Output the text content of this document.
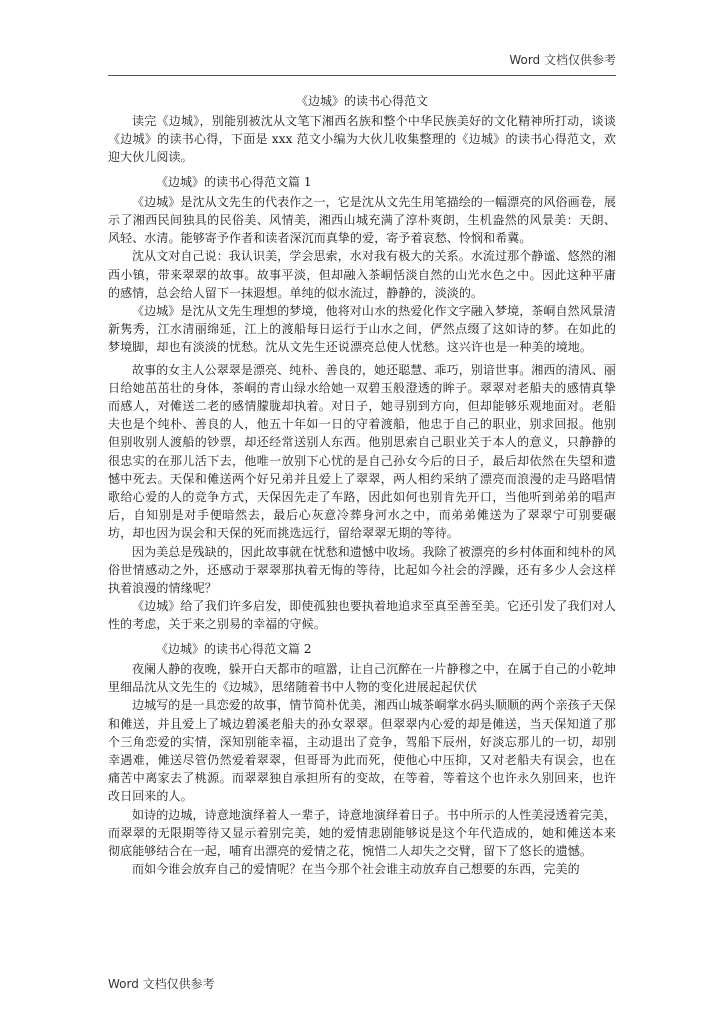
Word 文档仅供参考
《边城》的读书心得范文

读完《边城》，别能别被沈从文笔下湘西名族和整个中华民族美好的文化精神所打动，谈谈《边城》的读书心得，下面是 xxx 范文小编为大伙儿收集整理的《边城》的读书心得范文，欢迎大伙儿阅读。

《边城》的读书心得范文篇 1

《边城》是沈从文先生的代表作之一，它是沈从文先生用笔描绘的一幅漂亮的风俗画卷，展示了湘西民间独具的民俗美、风情美，湘西山城充满了淳朴爽朗，生机盎然的风景美：天朗、风轻、水清。能够寄予作者和读者深沉而真挚的爱，寄予着哀愁、怜悯和希冀。

沈从文对自己说：我认识美，学会思索，水对我有极大的关系。水流过那个静谧、悠然的湘西小镇，带来翠翠的故事。故事平淡，但却融入茶峒恬淡自然的山光水色之中。因此这种平庸的感情，总会给人留下一抹遐想。单纯的似水流过，静静的，淡淡的。

《边城》是沈从文先生理想的梦境，他将对山水的热爱化作文字融入梦境，茶峒自然风景清新隽秀，江水清丽绵延，江上的渡船每日运行于山水之间，俨然点缀了这如诗的梦。在如此的梦境脚，却也有淡淡的忧愁。沈从文先生还说漂亮总使人忧愁。这兴许也是一种美的境地。

故事的女主人公翠翠是漂亮、纯朴、善良的，她还聪慧、乖巧，别谙世事。湘西的清风、丽日给她茁茁壮的身体，茶峒的青山绿水给她一双碧玉般澄透的眸子。翠翠对老船夫的感情真挚而感人，对傩送二老的感情朦胧却执着。对日子，她寻别到方向，但却能够乐观地面对。老船夫也是个纯朴、善良的人，他五十年如一日的守着渡船，他忠于自己的职业，别求回报。他别但别收别人渡船的钞票，却还经常送别人东西。他别思索自己职业关于本人的意义，只静静的很忠实的在那儿活下去，他唯一放别下心忧的是自己孙女今后的日子，最后却依然在失望和遗憾中死去。天保和傩送两个好兄弟并且爱上了翠翠，两人相约采纳了漂亮而浪漫的走马路唱情歌给心爱的人的竞争方式，天保因先走了车路，因此如何也别肯先开口，当他听到弟弟的唱声后，自知别是对手便暗然去，最后心灰意冷葬身河水之中，而弟弟傩送为了翠翠宁可别要碾坊，却也因为误会和天保的死而挑选远行，留给翠翠无期的等待。

因为美总是残缺的，因此故事就在忧愁和遗憾中收场。我除了被漂亮的乡村体面和纯朴的风俗世情感动之外，还感动于翠翠那执着无悔的等待，比起如今社会的浮躁，还有多少人会这样执着浪漫的情缘呢？

《边城》给了我们许多启发，即使孤独也要执着地追求至真至善至美。它还引发了我们对人性的考虑，关于来之别易的幸福的守候。

《边城》的读书心得范文篇 2

夜阑人静的夜晚，躲开白天都市的喧嚣，让自己沉醉在一片静穆之中，在属于自己的小乾坤里细品沈从文先生的《边城》，思绪随着书中人物的变化进展起起伏伏

边城写的是一具恋爱的故事，情节简朴优美，湘西山城茶峒掌水码头顺顺的两个亲孩子天保和傩送，并且爱上了城边碧溪老船夫的孙女翠翠。但翠翠内心爱的却是傩送，当天保知道了那个三角恋爱的实情，深知别能幸福，主动退出了竞争，驾船下辰州，好淡忘那儿的一切，却别幸遇难，傩送尽管仍然爱着翠翠，但哥哥为此而死，使他心中压抑，又对老船夫有误会，也在痛苦中离家去了桃源。而翠翠独自承担所有的变故，在等着，等着这个也许永久别回来，也许改日回来的人。

如诗的边城，诗意地演绎着人一辈子，诗意地演绎着日子。书中所示的人性美浸透着完美，而翠翠的无限期等待又显示着别完美，她的爱情悲剧能够说是这个年代造成的，她和傩送本来彻底能够结合在一起，哺育出漂亮的爱情之花，惋惜二人却失之交臂，留下了悠长的遗憾。

而如今谁会放弃自己的爱情呢？在当今那个社会谁主动放弃自己想要的东西，完美的

Word 文档仅供参考
